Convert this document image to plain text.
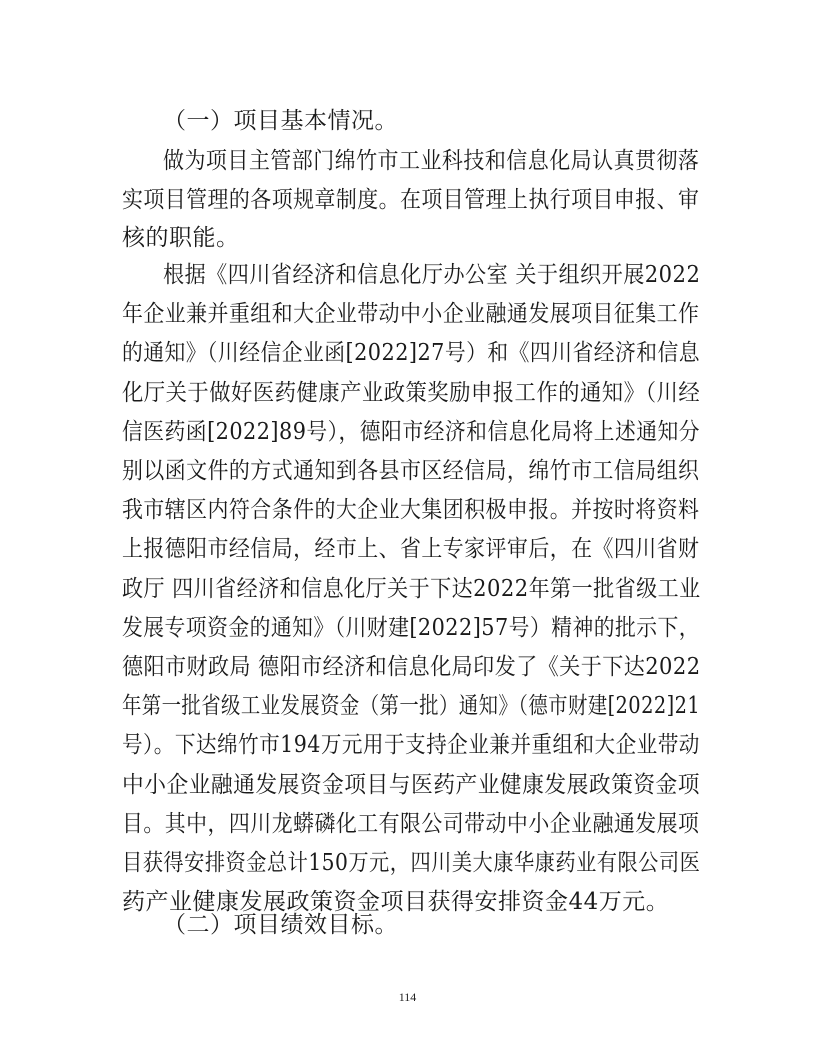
（一）项目基本情况。
做为项目主管部门绵竹市工业科技和信息化局认真贯彻落
实项目管理的各项规章制度。在项目管理上执行项目申报、审
核的职能。
根据《四川省经济和信息化厅办公室 关于组织开展2022
年企业兼并重组和大企业带动中小企业融通发展项目征集工作
的通知》（川经信企业函[2022]27号）和《四川省经济和信息
化厅关于做好医药健康产业政策奖励申报工作的通知》（川经
信医药函[2022]89号），德阳市经济和信息化局将上述通知分
别以函文件的方式通知到各县市区经信局，绵竹市工信局组织
我市辖区内符合条件的大企业大集团积极申报。并按时将资料
上报德阳市经信局，经市上、省上专家评审后，在《四川省财
政厅 四川省经济和信息化厅关于下达2022年第一批省级工业
发展专项资金的通知》（川财建[2022]57号）精神的批示下，
德阳市财政局 德阳市经济和信息化局印发了《关于下达2022
年第一批省级工业发展资金（第一批）通知》（德市财建[2022]21
号）。下达绵竹市194万元用于支持企业兼并重组和大企业带动
中小企业融通发展资金项目与医药产业健康发展政策资金项
目。其中，四川龙蟒磷化工有限公司带动中小企业融通发展项
目获得安排资金总计150万元，四川美大康华康药业有限公司医
药产业健康发展政策资金项目获得安排资金44万元。
（二）项目绩效目标。
114
